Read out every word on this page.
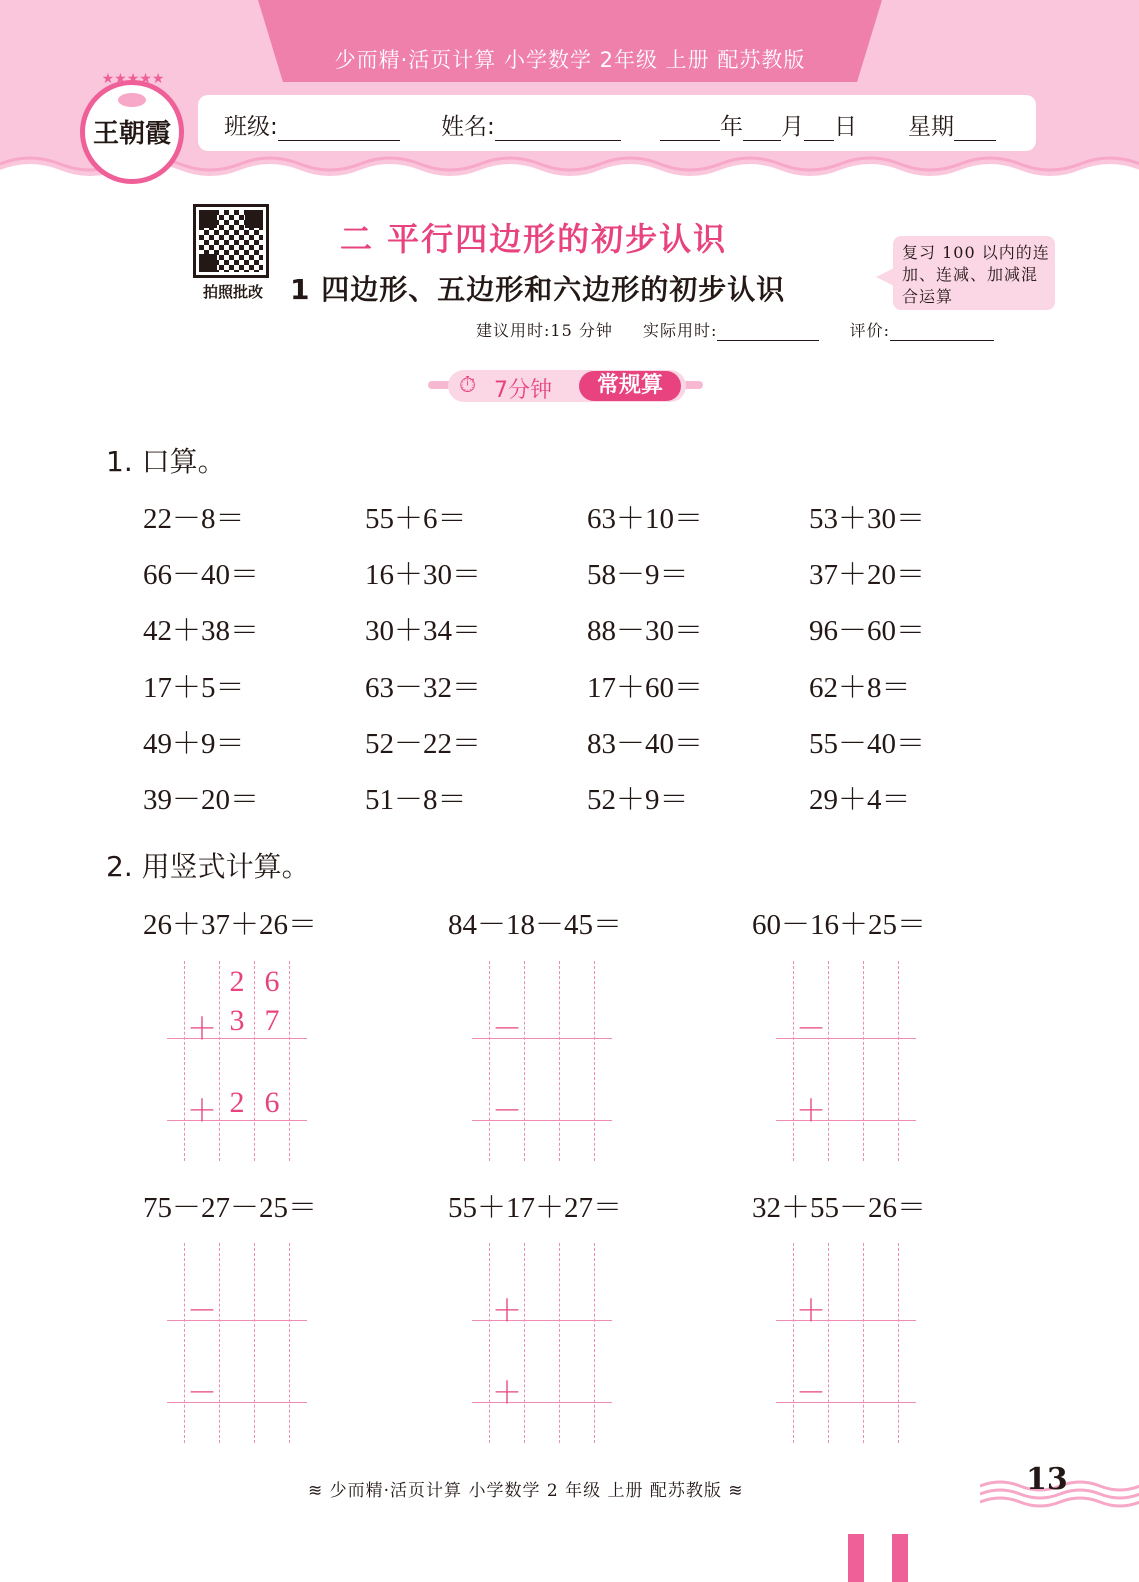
少而精·活页计算 小学数学 2年级 上册 配苏教版
班级:	姓名:	年 月 日 星期
★★★★★
王朝霞
拍照批改
二 平行四边形的初步认识
1 四边形、五边形和六边形的初步认识
复习 100 以内的连加、连减、加减混合运算
建议用时:15 分钟 实际用时:	评价:
⏱ 7分钟	常规算
1. 口算。
22－8＝	55＋6＝	63＋10＝	53＋30＝
66－40＝	16＋30＝	58－9＝	37＋20＝
42＋38＝	30＋34＝	88－30＝	96－60＝
17＋5＝	63－32＝	17＋60＝	62＋8＝
49＋9＝	52－22＝	83－40＝	55－40＝
39－20＝	51－8＝	52＋9＝	29＋4＝
2. 用竖式计算。
26＋37＋26＝	84－18－45＝	60－16＋25＝
75－27－25＝	55＋17＋27＝	32＋55－26＝
2 6
＋ 3 7
＋ 2 6
－
－
－
＋
－
－
＋
＋
＋
－
≋ 少而精·活页计算 小学数学 2 年级 上册 配苏教版 ≋	13
